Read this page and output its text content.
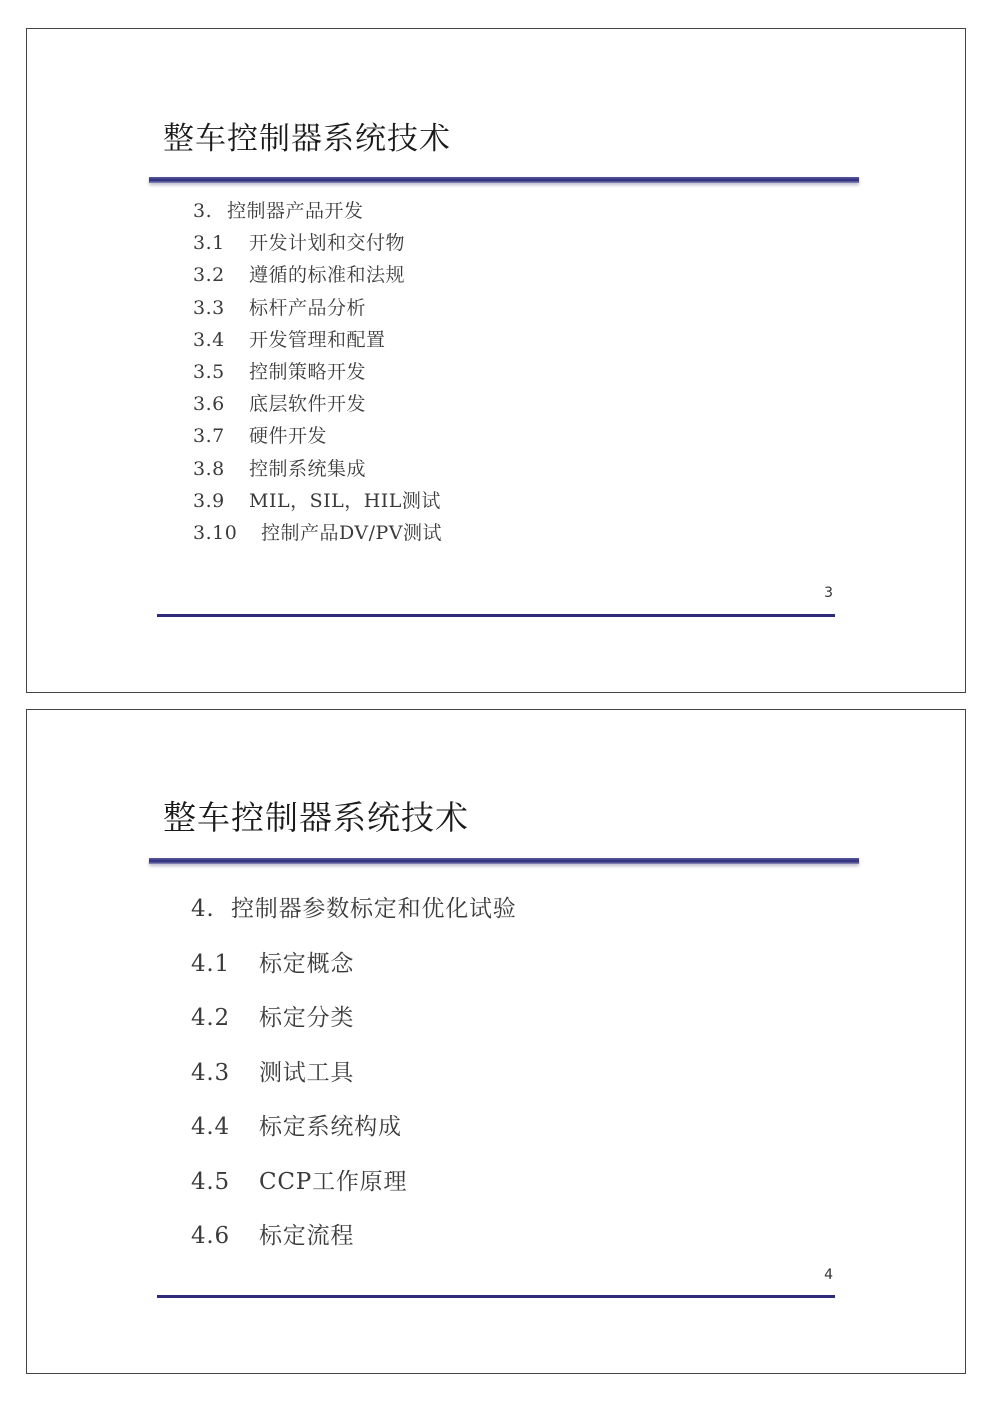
整车控制器系统技术
3. 控制器产品开发
3.1	开发计划和交付物
3.2	遵循的标准和法规
3.3	标杆产品分析
3.4	开发管理和配置
3.5	控制策略开发
3.6	底层软件开发
3.7	硬件开发
3.8	控制系统集成
3.9	MIL，SIL，HIL测试
3.10	控制产品DV/PV测试
3
整车控制器系统技术
4. 控制器参数标定和优化试验
4.1	标定概念
4.2	标定分类
4.3	测试工具
4.4	标定系统构成
4.5	CCP工作原理
4.6	标定流程
4
